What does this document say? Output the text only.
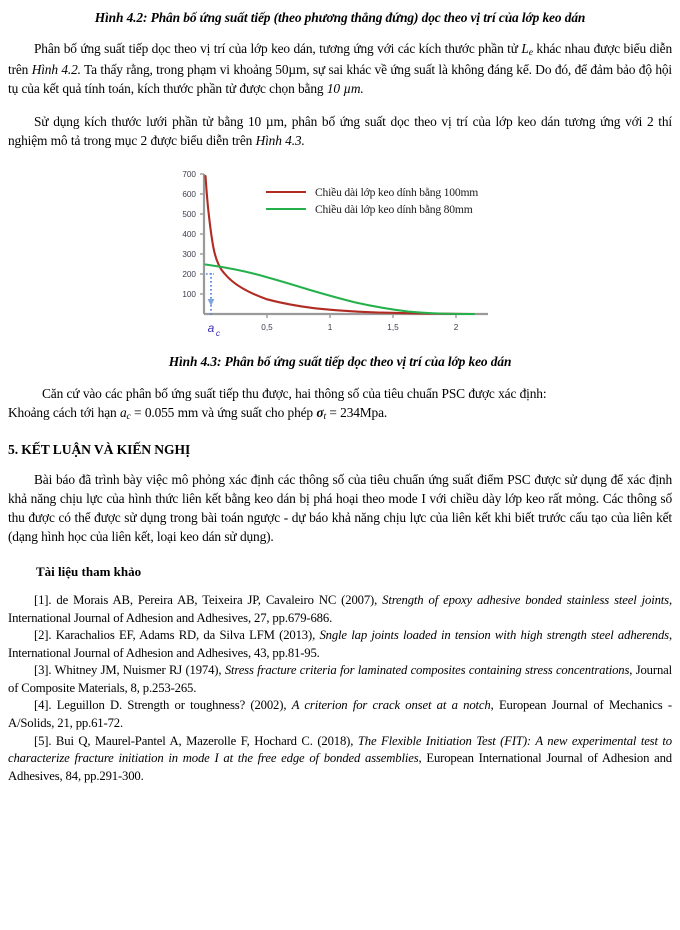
Hình 4.2: Phân bố ứng suất tiếp (theo phương thẳng đứng) dọc theo vị trí của lớp keo dán

Phân bố ứng suất tiếp dọc theo vị trí của lớp keo dán, tương ứng với các kích thước phần tử $L_e$ khác nhau được biểu diễn trên Hình 4.2. Ta thấy rằng, trong phạm vi khoảng 50µm, sự sai khác về ứng suất là không đáng kể. Do đó, để đảm bảo độ hội tụ của kết quả tính toán, kích thước phần tử được chọn bằng 10 µm.

Sử dụng kích thước lưới phần tử bằng 10 µm, phân bố ứng suất dọc theo vị trí của lớp keo dán tương ứng với 2 thí nghiệm mô tả trong mục 2 được biểu diễn trên Hình 4.3.

700
600
500
400
300
200
100
0,5	1	1,5	2
a c
Chiều dài lớp keo dính bằng 100mm
Chiều dài lớp keo dính bằng 80mm
Hình 4.3: Phân bố ứng suất tiếp dọc theo vị trí của lớp keo dán

Căn cứ vào các phân bố ứng suất tiếp thu được, hai thông số của tiêu chuẩn PSC được xác định:

Khoảng cách tới hạn $a_c = 0.055$ mm và ứng suất cho phép $\sigma_t = 234Mpa$.

5. KẾT LUẬN VÀ KIẾN NGHỊ

Bài báo đã trình bày việc mô phỏng xác định các thông số của tiêu chuẩn ứng suất điểm PSC được sử dụng để xác định khả năng chịu lực của hình thức liên kết bằng keo dán bị phá hoại theo mode I với chiều dày lớp keo rất mỏng. Các thông số thu được có thể được sử dụng trong bài toán ngược - dự báo khả năng chịu lực của liên kết khi biết trước cấu tạo của liên kết (dạng hình học của liên kết, loại keo dán sử dụng).

Tài liệu tham khảo

[1]. de Morais AB, Pereira AB, Teixeira JP, Cavaleiro NC (2007), Strength of epoxy adhesive bonded stainless steel joints, International Journal of Adhesion and Adhesives, 27, pp.679-686.

[2]. Karachalios EF, Adams RD, da Silva LFM (2013), Sngle lap joints loaded in tension with high strength steel adherends, International Journal of Adhesion and Adhesives, 43, pp.81-95.

[3]. Whitney JM, Nuismer RJ (1974), Stress fracture criteria for laminated composites containing stress concentrations, Journal of Composite Materials, 8, p.253-265.

[4]. Leguillon D. Strength or toughness? (2002), A criterion for crack onset at a notch, European Journal of Mechanics - A/Solids, 21, pp.61-72.

[5]. Bui Q, Maurel-Pantel A, Mazerolle F, Hochard C. (2018), The Flexible Initiation Test (FIT): A new experimental test to characterize fracture initiation in mode I at the free edge of bonded assemblies, European International Journal of Adhesion and Adhesives, 84, pp.291-300.
